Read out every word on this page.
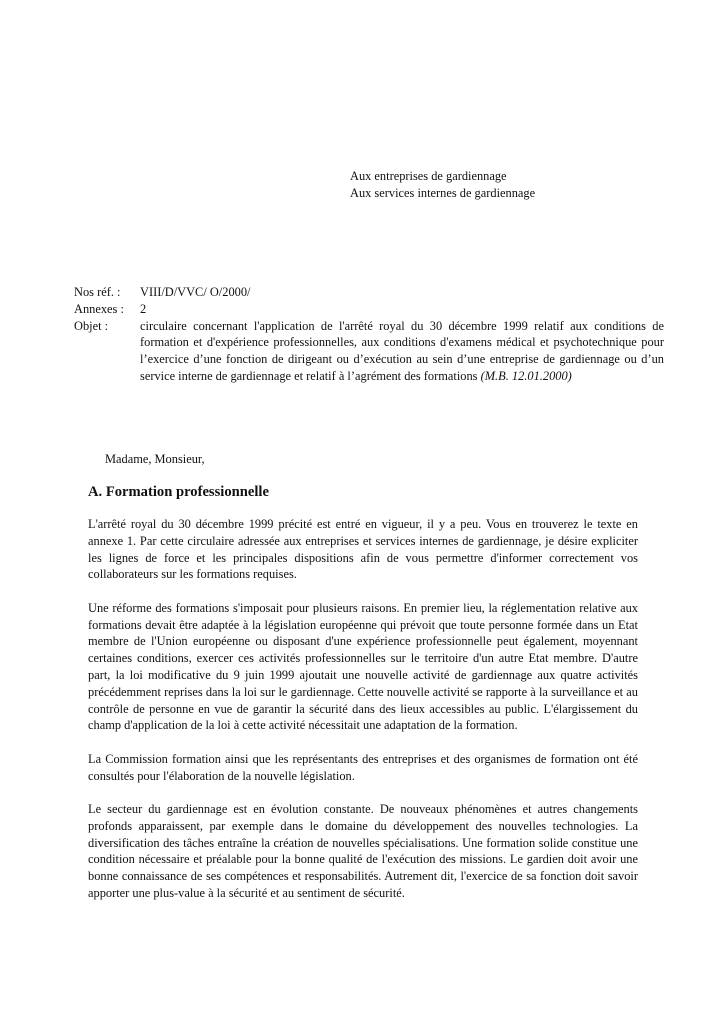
Aux entreprises de gardiennage
Aux services internes de gardiennage
Nos réf. :	VIII/D/VVC/ O/2000/
Annexes :	2
Objet :	circulaire concernant l'application de l'arrêté royal du 30 décembre 1999 relatif aux conditions de formation et d'expérience professionnelles, aux conditions d'examens médical et psychotechnique pour l’exercice d’une fonction de dirigeant ou d’exécution au sein d’une entreprise de gardiennage ou d’un service interne de gardiennage et relatif à l’agrément des formations (M.B. 12.01.2000)
Madame, Monsieur,
A. Formation professionnelle

L'arrêté royal du 30 décembre 1999 précité est entré en vigueur, il y a peu. Vous en trouverez le texte en annexe 1. Par cette circulaire adressée aux entreprises et services internes de gardiennage, je désire expliciter les lignes de force et les principales dispositions afin de vous permettre d'informer correctement vos collaborateurs sur les formations requises.

Une réforme des formations s'imposait pour plusieurs raisons. En premier lieu, la réglementation relative aux formations devait être adaptée à la législation européenne qui prévoit que toute personne formée dans un Etat membre de l'Union européenne ou disposant d'une expérience professionnelle peut également, moyennant certaines conditions, exercer ces activités professionnelles sur le territoire d'un autre Etat membre. D'autre part, la loi modificative du 9 juin 1999 ajoutait une nouvelle activité de gardiennage aux quatre activités précédemment reprises dans la loi sur le gardiennage. Cette nouvelle activité se rapporte à la surveillance et au contrôle de personne en vue de garantir la sécurité dans des lieux accessibles au public. L'élargissement du champ d'application de la loi à cette activité nécessitait une adaptation de la formation.

La Commission formation ainsi que les représentants des entreprises et des organismes de formation ont été consultés pour l'élaboration de la nouvelle législation.

Le secteur du gardiennage est en évolution constante. De nouveaux phénomènes et autres changements profonds apparaissent, par exemple dans le domaine du développement des nouvelles technologies. La diversification des tâches entraîne la création de nouvelles spécialisations. Une formation solide constitue une condition nécessaire et préalable pour la bonne qualité de l'exécution des missions. Le gardien doit avoir une bonne connaissance de ses compétences et responsabilités. Autrement dit, l'exercice de sa fonction doit savoir apporter une plus-value à la sécurité et au sentiment de sécurité.
